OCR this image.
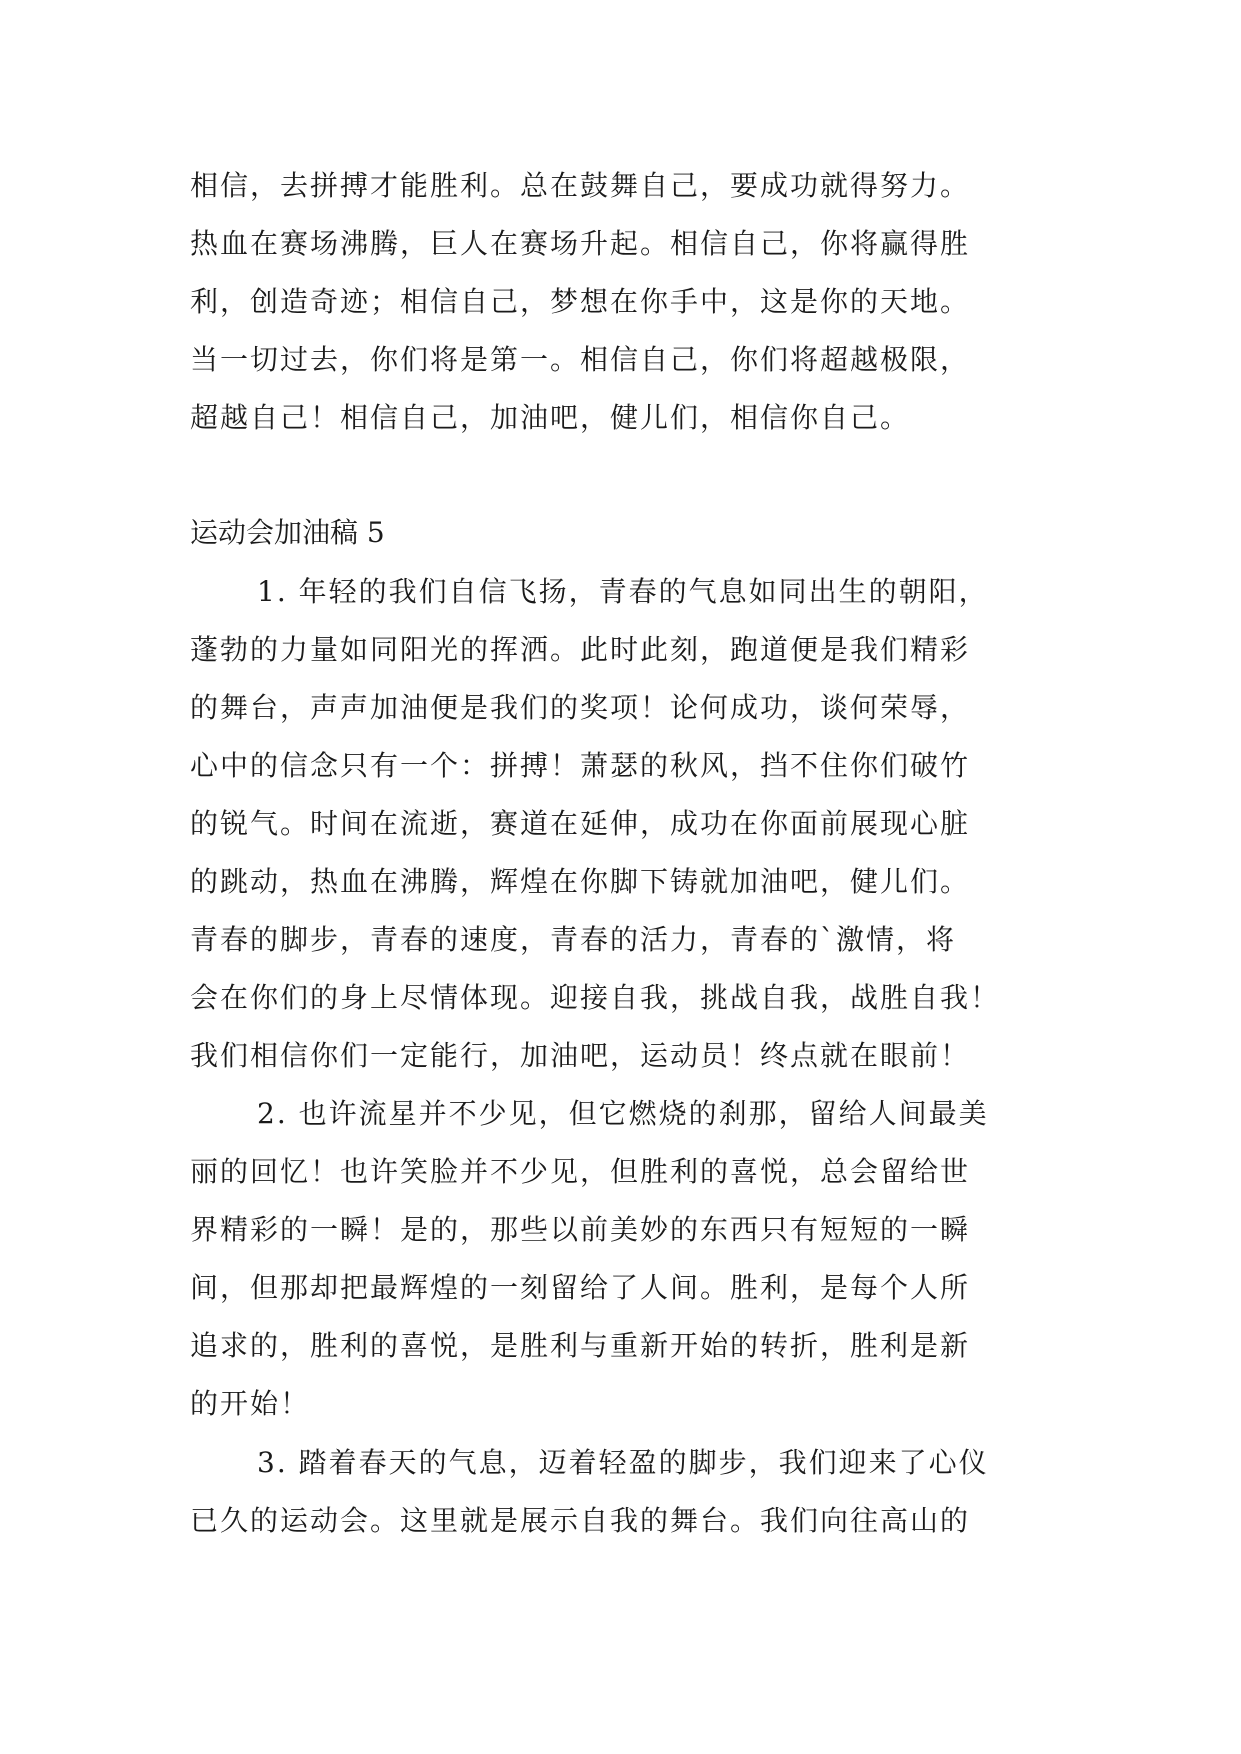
相信，去拼搏才能胜利。总在鼓舞自己，要成功就得努力。
热血在赛场沸腾，巨人在赛场升起。相信自己，你将赢得胜
利，创造奇迹；相信自己，梦想在你手中，这是你的天地。
当一切过去，你们将是第一。相信自己，你们将超越极限，
超越自己！相信自己，加油吧，健儿们，相信你自己。
运动会加油稿 5
1. 年轻的我们自信飞扬，青春的气息如同出生的朝阳，
蓬勃的力量如同阳光的挥洒。此时此刻，跑道便是我们精彩
的舞台，声声加油便是我们的奖项！论何成功，谈何荣辱，
心中的信念只有一个：拼搏！萧瑟的秋风，挡不住你们破竹
的锐气。时间在流逝，赛道在延伸，成功在你面前展现心脏
的跳动，热血在沸腾，辉煌在你脚下铸就加油吧，健儿们。
青春的脚步，青春的速度，青春的活力，青春的`激情，将
会在你们的身上尽情体现。迎接自我，挑战自我，战胜自我！
我们相信你们一定能行，加油吧，运动员！终点就在眼前！
2. 也许流星并不少见，但它燃烧的刹那，留给人间最美
丽的回忆！也许笑脸并不少见，但胜利的喜悦，总会留给世
界精彩的一瞬！是的，那些以前美妙的东西只有短短的一瞬
间，但那却把最辉煌的一刻留给了人间。胜利，是每个人所
追求的，胜利的喜悦，是胜利与重新开始的转折，胜利是新
的开始！
3. 踏着春天的气息，迈着轻盈的脚步，我们迎来了心仪
已久的运动会。这里就是展示自我的舞台。我们向往高山的
